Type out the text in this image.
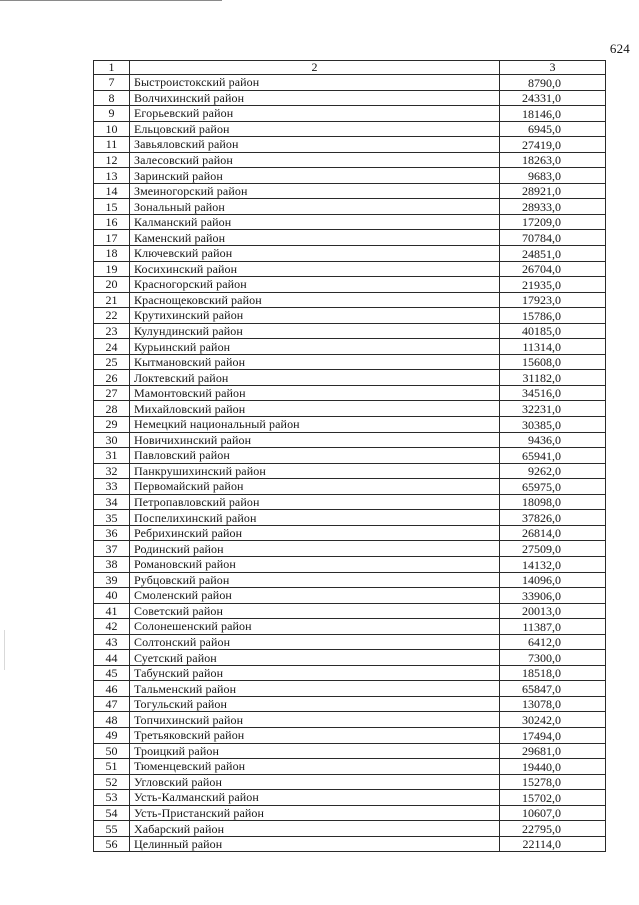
624
1	2	3
7	Быстроистокский район	8790,0
8	Волчихинский район	24331,0
9	Егорьевский район	18146,0
10	Ельцовский район	6945,0
11	Завьяловский район	27419,0
12	Залесовский район	18263,0
13	Заринский район	9683,0
14	Змеиногорский район	28921,0
15	Зональный район	28933,0
16	Калманский район	17209,0
17	Каменский район	70784,0
18	Ключевский район	24851,0
19	Косихинский район	26704,0
20	Красногорский район	21935,0
21	Краснощековский район	17923,0
22	Крутихинский район	15786,0
23	Кулундинский район	40185,0
24	Курьинский район	11314,0
25	Кытмановский район	15608,0
26	Локтевский район	31182,0
27	Мамонтовский район	34516,0
28	Михайловский район	32231,0
29	Немецкий национальный район	30385,0
30	Новичихинский район	9436,0
31	Павловский район	65941,0
32	Панкрушихинский район	9262,0
33	Первомайский район	65975,0
34	Петропавловский район	18098,0
35	Поспелихинский район	37826,0
36	Ребрихинский район	26814,0
37	Родинский район	27509,0
38	Романовский район	14132,0
39	Рубцовский район	14096,0
40	Смоленский район	33906,0
41	Советский район	20013,0
42	Солонешенский район	11387,0
43	Солтонский район	6412,0
44	Суетский район	7300,0
45	Табунский район	18518,0
46	Тальменский район	65847,0
47	Тогульский район	13078,0
48	Топчихинский район	30242,0
49	Третьяковский район	17494,0
50	Троицкий район	29681,0
51	Тюменцевский район	19440,0
52	Угловский район	15278,0
53	Усть-Калманский район	15702,0
54	Усть-Пристанский район	10607,0
55	Хабарский район	22795,0
56	Целинный район	22114,0
